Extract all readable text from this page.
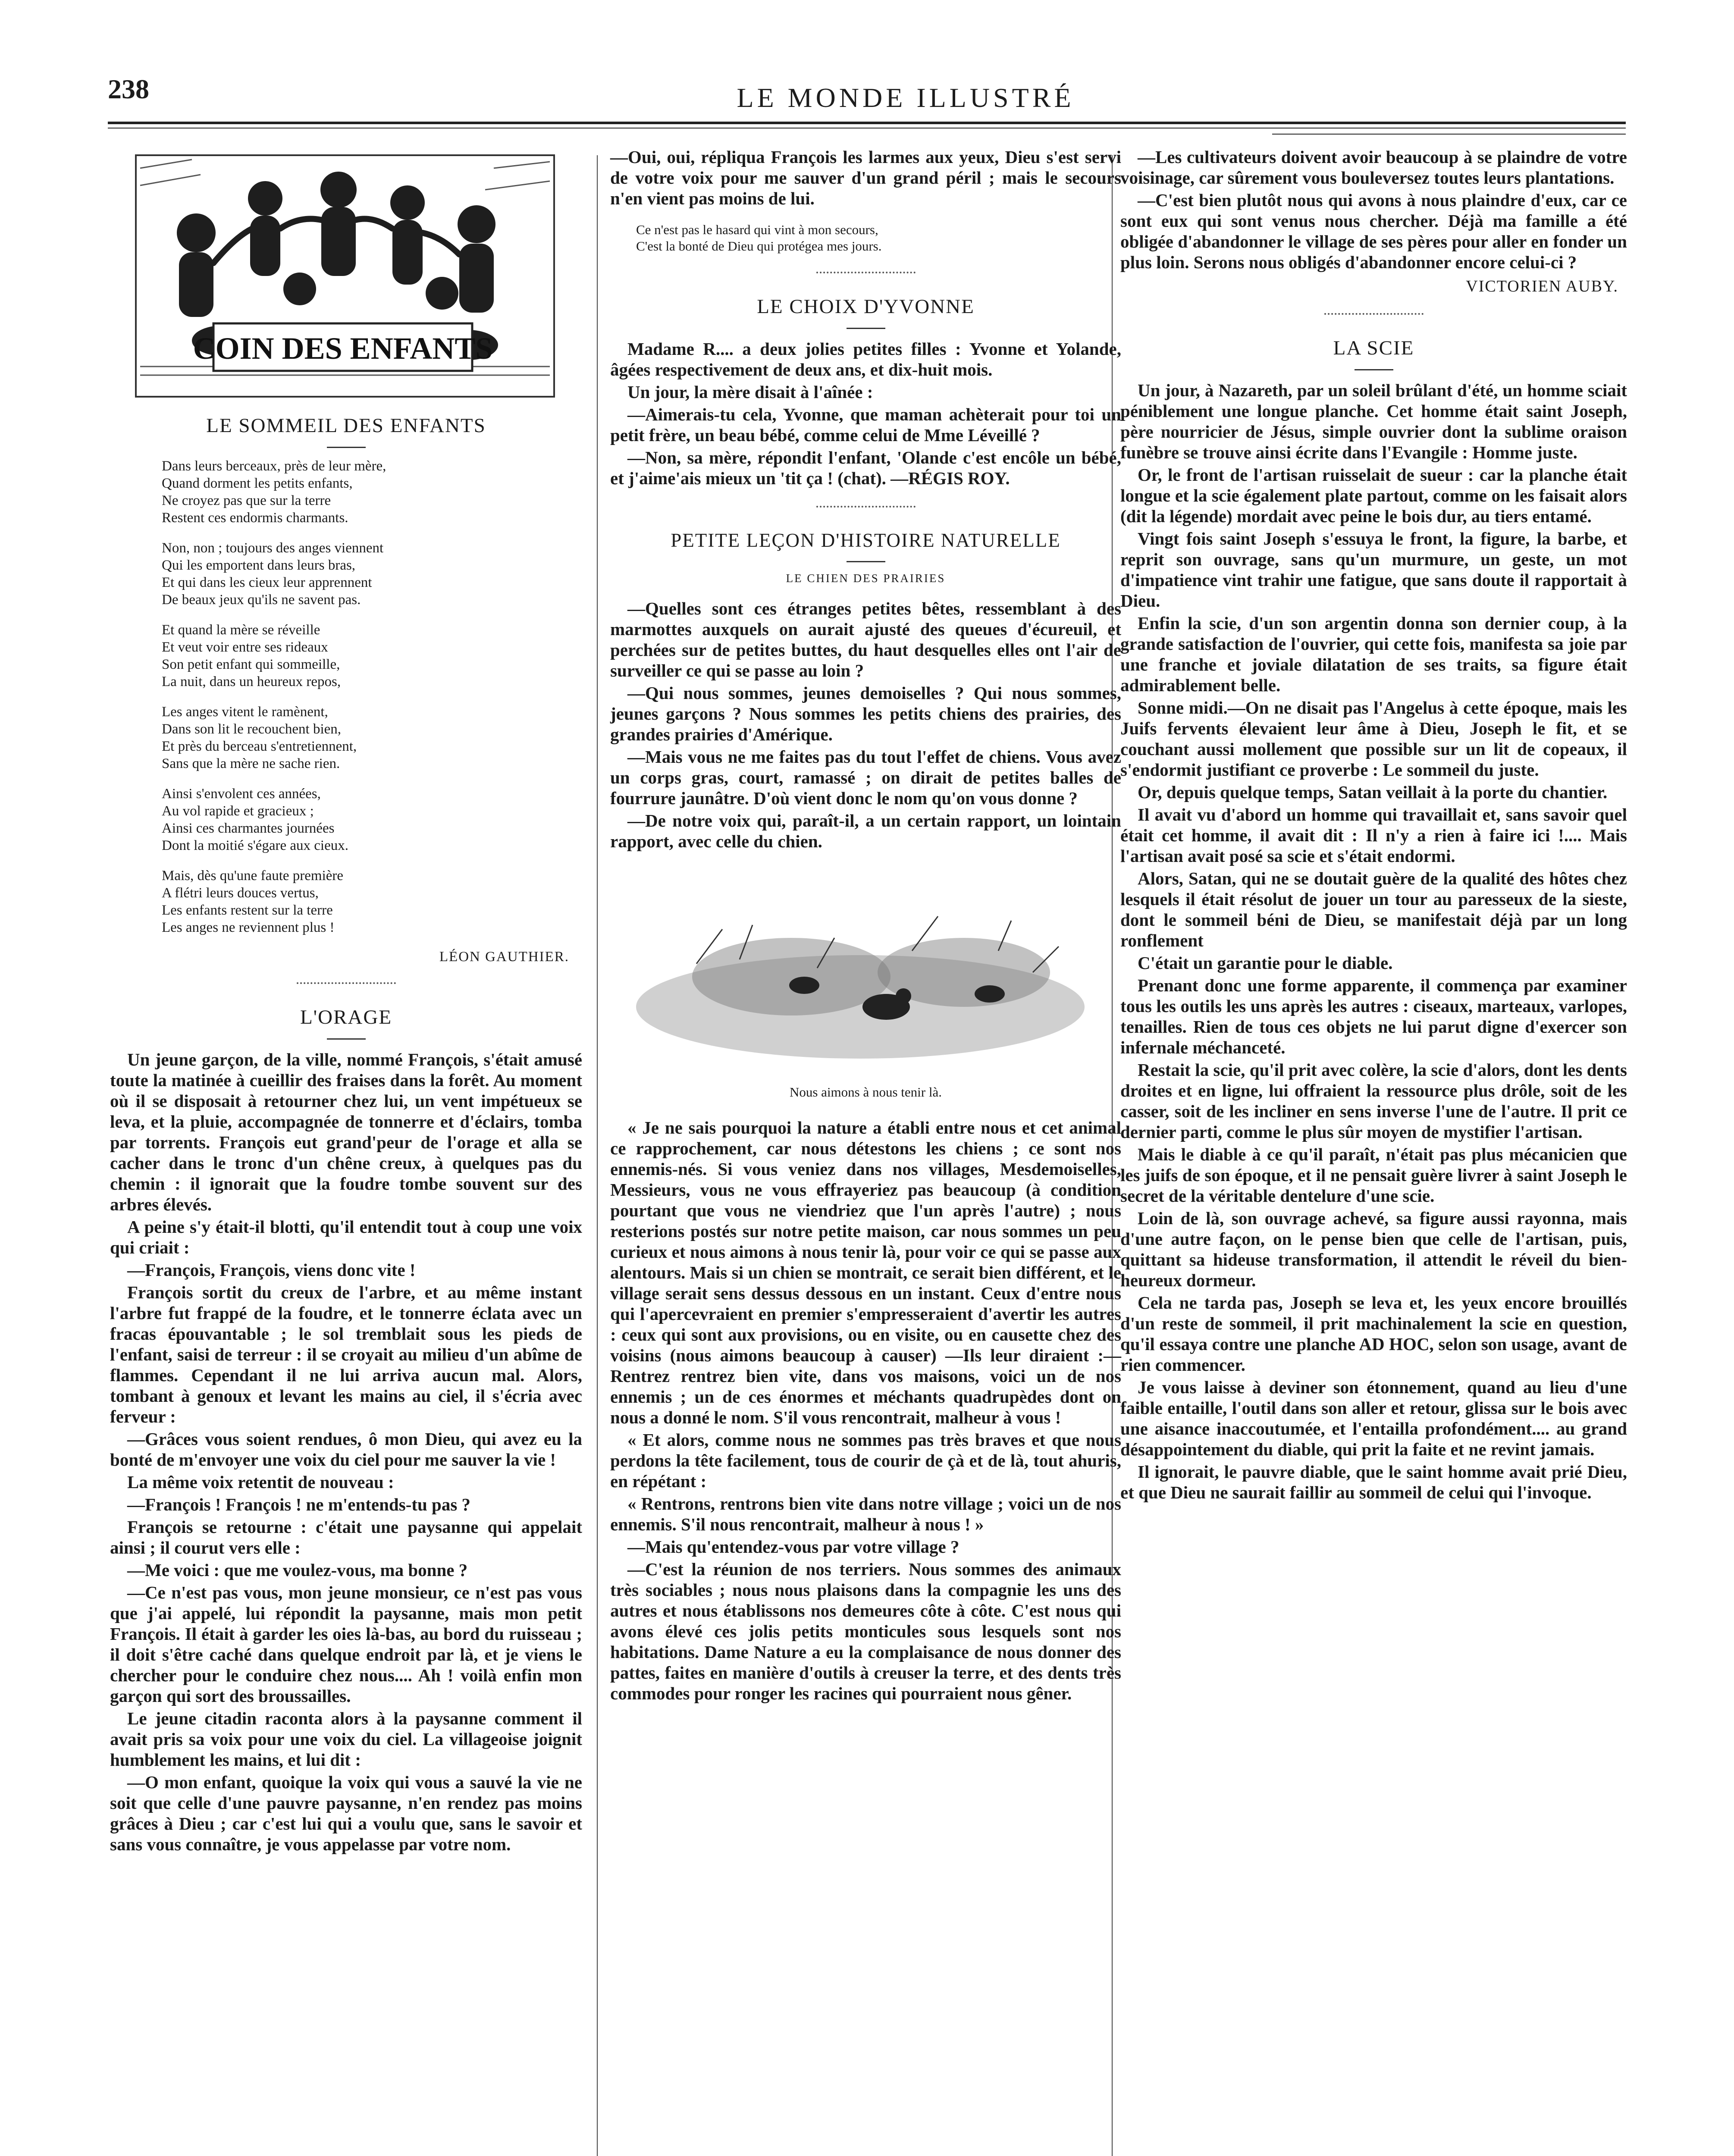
238	LE MONDE ILLUSTRÉ
COIN DES ENFANTS
LE SOMMEIL DES ENFANTS
Dans leurs berceaux, près de leur mère,
Quand dorment les petits enfants,
Ne croyez pas que sur la terre
Restent ces endormis charmants.
Non, non ; toujours des anges viennent
Qui les emportent dans leurs bras,
Et qui dans les cieux leur apprennent
De beaux jeux qu'ils ne savent pas.
Et quand la mère se réveille
Et veut voir entre ses rideaux
Son petit enfant qui sommeille,
La nuit, dans un heureux repos,
Les anges vitent le ramènent,
Dans son lit le recouchent bien,
Et près du berceau s'entretiennent,
Sans que la mère ne sache rien.
Ainsi s'envolent ces années,
Au vol rapide et gracieux ;
Ainsi ces charmantes journées
Dont la moitié s'égare aux cieux.
Mais, dès qu'une faute première
A flétri leurs douces vertus,
Les enfants restent sur la terre
Les anges ne reviennent plus !
LÉON GAUTHIER.
L'ORAGE

Un jeune garçon, de la ville, nommé François, s'était amusé toute la matinée à cueillir des fraises dans la forêt. Au moment où il se disposait à retourner chez lui, un vent impétueux se leva, et la pluie, accompagnée de tonnerre et d'éclairs, tomba par torrents. François eut grand'peur de l'orage et alla se cacher dans le tronc d'un chêne creux, à quelques pas du chemin : il ignorait que la foudre tombe souvent sur des arbres élevés.

A peine s'y était-il blotti, qu'il entendit tout à coup une voix qui criait :

—François, François, viens donc vite !

François sortit du creux de l'arbre, et au même instant l'arbre fut frappé de la foudre, et le tonnerre éclata avec un fracas épouvantable ; le sol tremblait sous les pieds de l'enfant, saisi de terreur : il se croyait au milieu d'un abîme de flammes. Cependant il ne lui arriva aucun mal. Alors, tombant à genoux et levant les mains au ciel, il s'écria avec ferveur :

—Grâces vous soient rendues, ô mon Dieu, qui avez eu la bonté de m'envoyer une voix du ciel pour me sauver la vie !

La même voix retentit de nouveau :

—François ! François ! ne m'entends-tu pas ?

François se retourne : c'était une paysanne qui appelait ainsi ; il courut vers elle :

—Me voici : que me voulez-vous, ma bonne ?

—Ce n'est pas vous, mon jeune monsieur, ce n'est pas vous que j'ai appelé, lui répondit la paysanne, mais mon petit François. Il était à garder les oies là-bas, au bord du ruisseau ; il doit s'être caché dans quelque endroit par là, et je viens le chercher pour le conduire chez nous.... Ah ! voilà enfin mon garçon qui sort des broussailles.

Le jeune citadin raconta alors à la paysanne comment il avait pris sa voix pour une voix du ciel. La villageoise joignit humblement les mains, et lui dit :

—O mon enfant, quoique la voix qui vous a sauvé la vie ne soit que celle d'une pauvre paysanne, n'en rendez pas moins grâces à Dieu ; car c'est lui qui a voulu que, sans le savoir et sans vous connaître, je vous appelasse par votre nom.

—Oui, oui, répliqua François les larmes aux yeux, Dieu s'est servi de votre voix pour me sauver d'un grand péril ; mais le secours n'en vient pas moins de lui.

Ce n'est pas le hasard qui vint à mon secours,
C'est la bonté de Dieu qui protégea mes jours.
LE CHOIX D'YVONNE

Madame R.... a deux jolies petites filles : Yvonne et Yolande, âgées respectivement de deux ans, et dix-huit mois.

Un jour, la mère disait à l'aînée :

—Aimerais-tu cela, Yvonne, que maman achèterait pour toi un petit frère, un beau bébé, comme celui de Mme Léveillé ?

—Non, sa mère, répondit l'enfant, 'Olande c'est encôle un bébé, et j'aime'ais mieux un 'tit ça ! (chat). —RÉGIS ROY.

PETITE LEÇON D'HISTOIRE NATURELLE
LE CHIEN DES PRAIRIES

—Quelles sont ces étranges petites bêtes, ressemblant à des marmottes auxquels on aurait ajusté des queues d'écureuil, et perchées sur de petites buttes, du haut desquelles elles ont l'air de surveiller ce qui se passe au loin ?

—Qui nous sommes, jeunes demoiselles ? Qui nous sommes, jeunes garçons ? Nous sommes les petits chiens des prairies, des grandes prairies d'Amérique.

—Mais vous ne me faites pas du tout l'effet de chiens. Vous avez un corps gras, court, ramassé ; on dirait de petites balles de fourrure jaunâtre. D'où vient donc le nom qu'on vous donne ?

—De notre voix qui, paraît-il, a un certain rapport, un lointain rapport, avec celle du chien.

Nous aimons à nous tenir là.

« Je ne sais pourquoi la nature a établi entre nous et cet animal ce rapprochement, car nous détestons les chiens ; ce sont nos ennemis-nés. Si vous veniez dans nos villages, Mesdemoiselles, Messieurs, vous ne vous effrayeriez pas beaucoup (à condition pourtant que vous ne viendriez que l'un après l'autre) ; nous resterions postés sur notre petite maison, car nous sommes un peu curieux et nous aimons à nous tenir là, pour voir ce qui se passe aux alentours. Mais si un chien se montrait, ce serait bien différent, et le village serait sens dessus dessous en un instant. Ceux d'entre nous qui l'apercevraient en premier s'empresseraient d'avertir les autres : ceux qui sont aux provisions, ou en visite, ou en causette chez des voisins (nous aimons beaucoup à causer) —Ils leur diraient :—Rentrez rentrez bien vite, dans vos maisons, voici un de nos ennemis ; un de ces énormes et méchants quadrupèdes dont on nous a donné le nom. S'il vous rencontrait, malheur à vous !

« Et alors, comme nous ne sommes pas très braves et que nous perdons la tête facilement, tous de courir de çà et de là, tout ahuris, en répétant :

« Rentrons, rentrons bien vite dans notre village ; voici un de nos ennemis. S'il nous rencontrait, malheur à nous ! »

—Mais qu'entendez-vous par votre village ?

—C'est la réunion de nos terriers. Nous sommes des animaux très sociables ; nous nous plaisons dans la compagnie les uns des autres et nous établissons nos demeures côte à côte. C'est nous qui avons élevé ces jolis petits monticules sous lesquels sont nos habitations. Dame Nature a eu la complaisance de nous donner des pattes, faites en manière d'outils à creuser la terre, et des dents très commodes pour ronger les racines qui pourraient nous gêner.

—Les cultivateurs doivent avoir beaucoup à se plaindre de votre voisinage, car sûrement vous bouleversez toutes leurs plantations.

—C'est bien plutôt nous qui avons à nous plaindre d'eux, car ce sont eux qui sont venus nous chercher. Déjà ma famille a été obligée d'abandonner le village de ses pères pour aller en fonder un plus loin. Serons nous obligés d'abandonner encore celui-ci ?

VICTORIEN AUBY.
LA SCIE

Un jour, à Nazareth, par un soleil brûlant d'été, un homme sciait péniblement une longue planche. Cet homme était saint Joseph, père nourricier de Jésus, simple ouvrier dont la sublime oraison funèbre se trouve ainsi écrite dans l'Evangile : Homme juste.

Or, le front de l'artisan ruisselait de sueur : car la planche était longue et la scie également plate partout, comme on les faisait alors (dit la légende) mordait avec peine le bois dur, au tiers entamé.

Vingt fois saint Joseph s'essuya le front, la figure, la barbe, et reprit son ouvrage, sans qu'un murmure, un geste, un mot d'impatience vint trahir une fatigue, que sans doute il rapportait à Dieu.

Enfin la scie, d'un son argentin donna son dernier coup, à la grande satisfaction de l'ouvrier, qui cette fois, manifesta sa joie par une franche et joviale dilatation de ses traits, sa figure était admirablement belle.

Sonne midi.—On ne disait pas l'Angelus à cette époque, mais les Juifs fervents élevaient leur âme à Dieu, Joseph le fit, et se couchant aussi mollement que possible sur un lit de copeaux, il s'endormit justifiant ce proverbe : Le sommeil du juste.

Or, depuis quelque temps, Satan veillait à la porte du chantier.

Il avait vu d'abord un homme qui travaillait et, sans savoir quel était cet homme, il avait dit : Il n'y a rien à faire ici !.... Mais l'artisan avait posé sa scie et s'était endormi.

Alors, Satan, qui ne se doutait guère de la qualité des hôtes chez lesquels il était résolut de jouer un tour au paresseux de la sieste, dont le sommeil béni de Dieu, se manifestait déjà par un long ronflement

C'était un garantie pour le diable.

Prenant donc une forme apparente, il commença par examiner tous les outils les uns après les autres : ciseaux, marteaux, varlopes, tenailles. Rien de tous ces objets ne lui parut digne d'exercer son infernale méchanceté.

Restait la scie, qu'il prit avec colère, la scie d'alors, dont les dents droites et en ligne, lui offraient la ressource plus drôle, soit de les casser, soit de les incliner en sens inverse l'une de l'autre. Il prit ce dernier parti, comme le plus sûr moyen de mystifier l'artisan.

Mais le diable à ce qu'il paraît, n'était pas plus mécanicien que les juifs de son époque, et il ne pensait guère livrer à saint Joseph le secret de la véritable dentelure d'une scie.

Loin de là, son ouvrage achevé, sa figure aussi rayonna, mais d'une autre façon, on le pense bien que celle de l'artisan, puis, quittant sa hideuse transformation, il attendit le réveil du bien-heureux dormeur.

Cela ne tarda pas, Joseph se leva et, les yeux encore brouillés d'un reste de sommeil, il prit machinalement la scie en question, qu'il essaya contre une planche AD HOC, selon son usage, avant de rien commencer.

Je vous laisse à deviner son étonnement, quand au lieu d'une faible entaille, l'outil dans son aller et retour, glissa sur le bois avec une aisance inaccoutumée, et l'entailla profondément.... au grand désappointement du diable, qui prit la faite et ne revint jamais.

Il ignorait, le pauvre diable, que le saint homme avait prié Dieu, et que Dieu ne saurait faillir au sommeil de celui qui l'invoque.
